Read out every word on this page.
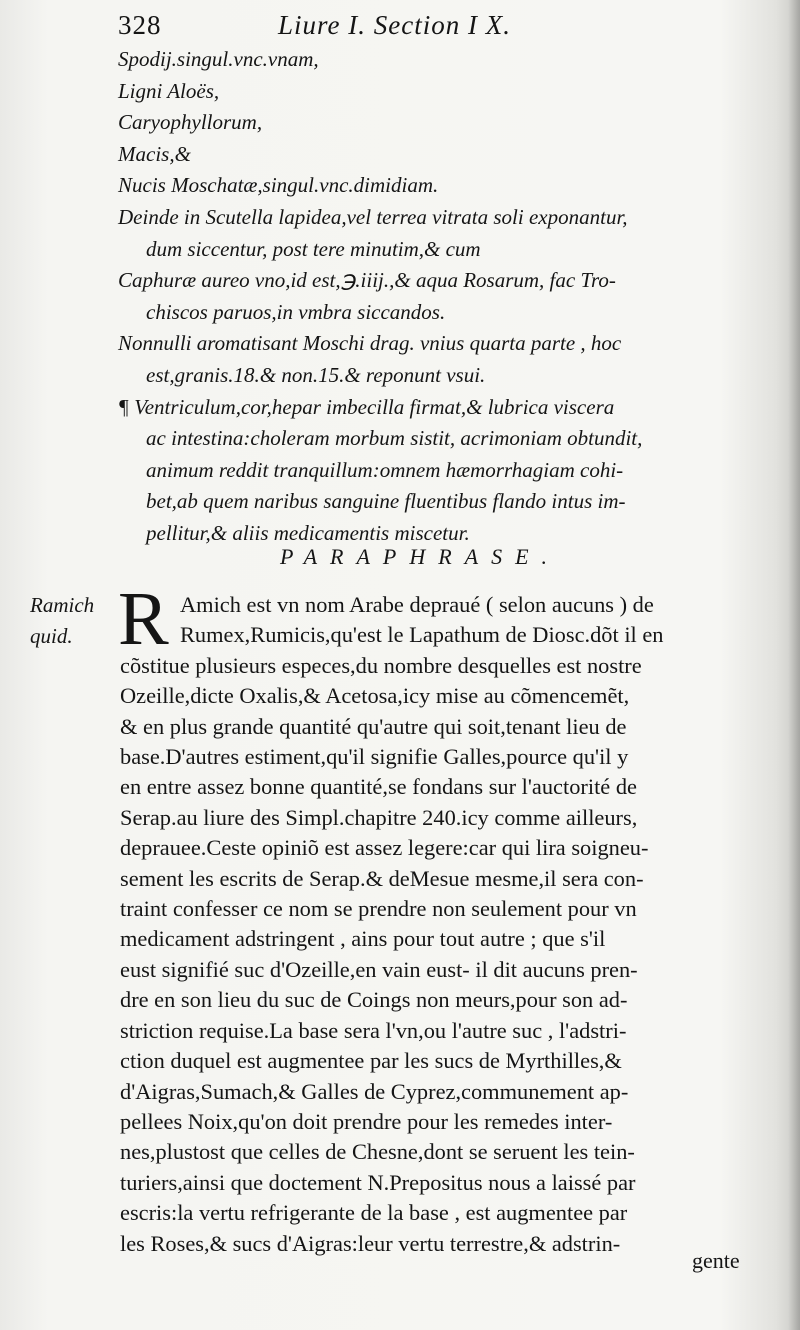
328	Liure I. Section I X.
Spodij.singul.vnc.vnam,
Ligni Aloës,
Caryophyllorum,
Macis,&
Nucis Moschatæ,singul.vnc.dimidiam.
Deinde in Scutella lapidea,vel terrea vitrata soli exponantur,
dum siccentur, post tere minutim,& cum
Caphuræ aureo vno,id est,℈.iiij.,& aqua Rosarum, fac Tro-
chiscos paruos,in vmbra siccandos.
Nonnulli aromatisant Moschi drag. vnius quarta parte , hoc
est,granis.18.& non.15.& reponunt vsui.
¶ Ventriculum,cor,hepar imbecilla firmat,& lubrica viscera
ac intestina:choleram morbum sistit, acrimoniam obtundit,
animum reddit tranquillum:omnem hæmorrhagiam cohi-
bet,ab quem naribus sanguine fluentibus flando intus im-
pellitur,& aliis medicamentis miscetur.
PARAPHRASE.
Ramich
quid. R Amich est vn nom Arabe depraué ( selon aucuns ) de
Rumex,Rumicis,qu'est le Lapathum de Diosc.dõt il en
cõstitue plusieurs especes,du nombre desquelles est nostre
Ozeille,dicte Oxalis,& Acetosa,icy mise au cõmencemẽt,
& en plus grande quantité qu'autre qui soit,tenant lieu de
base.D'autres estiment,qu'il signifie Galles,pource qu'il y
en entre assez bonne quantité,se fondans sur l'auctorité de
Serap.au liure des Simpl.chapitre 240.icy comme ailleurs,
deprauee.Ceste opiniõ est assez legere:car qui lira soigneu-
sement les escrits de Serap.& deMesue mesme,il sera con-
traint confesser ce nom se prendre non seulement pour vn
medicament adstringent , ains pour tout autre ; que s'il
eust signifié suc d'Ozeille,en vain eust- il dit aucuns pren-
dre en son lieu du suc de Coings non meurs,pour son ad-
striction requise.La base sera l'vn,ou l'autre suc , l'adstri-
ction duquel est augmentee par les sucs de Myrthilles,&
d'Aigras,Sumach,& Galles de Cyprez,communement ap-
pellees Noix,qu'on doit prendre pour les remedes inter-
nes,plustost que celles de Chesne,dont se seruent les tein-
turiers,ainsi que doctement N.Prepositus nous a laissé par
escris:la vertu refrigerante de la base , est augmentee par
les Roses,& sucs d'Aigras:leur vertu terrestre,& adstrin-
gente
